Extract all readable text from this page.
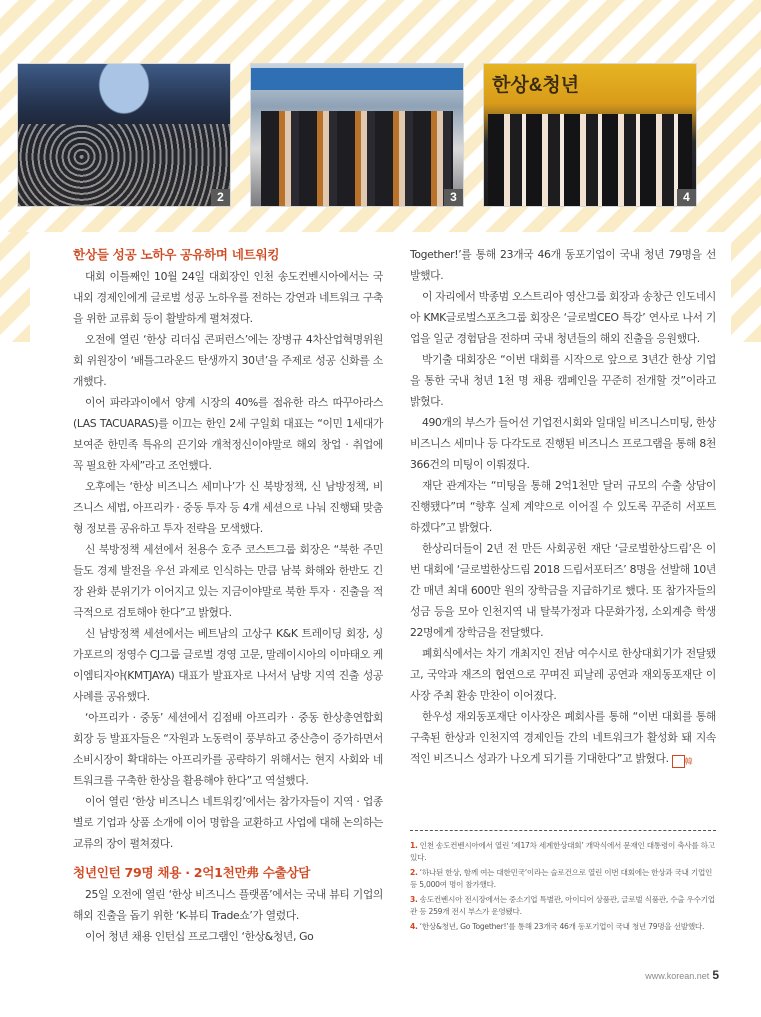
2	3
한상&청년
4
한상들 성공 노하우 공유하며 네트워킹

대회 이틀째인 10월 24일 대회장인 인천 송도컨벤시아에서는 국내외 경제인에게 글로벌 성공 노하우를 전하는 강연과 네트워크 구축을 위한 교류회 등이 활발하게 펼쳐졌다.

오전에 열린 ‘한상 리더십 콘퍼런스’에는 장병규 4차산업혁명위원회 위원장이 ‘배틀그라운드 탄생까지 30년’을 주제로 성공 신화를 소개했다.

이어 파라과이에서 양계 시장의 40%를 점유한 라스 따꾸아라스(LAS TACUARAS)를 이끄는 한인 2세 구일회 대표는 “이민 1세대가 보여준 한민족 특유의 끈기와 개척정신이야말로 해외 창업 · 취업에 꼭 필요한 자세”라고 조언했다.

오후에는 ‘한상 비즈니스 세미나’가 신 북방정책, 신 남방정책, 비즈니스 세법, 아프리카 · 중동 투자 등 4개 세션으로 나눠 진행돼 맞춤형 정보를 공유하고 투자 전략을 모색했다.

신 북방정책 세션에서 천용수 호주 코스트그룹 회장은 “북한 주민들도 경제 발전을 우선 과제로 인식하는 만큼 남북 화해와 한반도 긴장 완화 분위기가 이어지고 있는 지금이야말로 북한 투자 · 진출을 적극적으로 검토해야 한다”고 밝혔다.

신 남방정책 세션에서는 베트남의 고상구 K&K 트레이딩 회장, 싱가포르의 정영수 CJ그룹 글로벌 경영 고문, 말레이시아의 이마태오 케이엠티자야(KMTJAYA) 대표가 발표자로 나서서 남방 지역 진출 성공 사례를 공유했다.

‘아프리카 · 중동’ 세션에서 김점배 아프리카 · 중동 한상총연합회 회장 등 발표자들은 “자원과 노동력이 풍부하고 중산층이 증가하면서 소비시장이 확대하는 아프리카를 공략하기 위해서는 현지 사회와 네트워크를 구축한 한상을 활용해야 한다”고 역설했다.

이어 열린 ‘한상 비즈니스 네트워킹’에서는 참가자들이 지역 · 업종별로 기업과 상품 소개에 이어 명함을 교환하고 사업에 대해 논의하는 교류의 장이 펼쳐졌다.

청년인턴 79명 채용 · 2억1천만弗 수출상담

25일 오전에 열린 ‘한상 비즈니스 플랫폼’에서는 국내 뷰티 기업의 해외 진출을 돕기 위한 ‘K-뷰티 Trade쇼’가 열렸다.

이어 청년 채용 인턴십 프로그램인 ‘한상&청년, Go

Together!’를 통해 23개국 46개 동포기업이 국내 청년 79명을 선발했다.

이 자리에서 박종범 오스트리아 영산그룹 회장과 송창근 인도네시아 KMK글로벌스포츠그룹 회장은 ‘글로벌CEO 특강’ 연사로 나서 기업을 일군 경험담을 전하며 국내 청년들의 해외 진출을 응원했다.

박기출 대회장은 “이번 대회를 시작으로 앞으로 3년간 한상 기업을 통한 국내 청년 1천 명 채용 캠페인을 꾸준히 전개할 것”이라고 밝혔다.

490개의 부스가 들어선 기업전시회와 일대일 비즈니스미팅, 한상 비즈니스 세미나 등 다각도로 진행된 비즈니스 프로그램을 통해 8천366건의 미팅이 이뤄졌다.

재단 관계자는 “미팅을 통해 2억1천만 달러 규모의 수출 상담이 진행됐다”며 “향후 실제 계약으로 이어질 수 있도록 꾸준히 서포트하겠다”고 밝혔다.

한상리더들이 2년 전 만든 사회공헌 재단 ‘글로벌한상드림’은 이번 대회에 ‘글로벌한상드림 2018 드림서포터즈’ 8명을 선발해 10년간 매년 최대 600만 원의 장학금을 지급하기로 했다. 또 참가자들의 성금 등을 모아 인천지역 내 탈북가정과 다문화가정, 소외계층 학생 22명에게 장학금을 전달했다.

폐회식에서는 차기 개최지인 전남 여수시로 한상대회기가 전달됐고, 국악과 재즈의 협연으로 꾸며진 피날레 공연과 재외동포재단 이사장 주최 환송 만찬이 이어졌다.

한우성 재외동포재단 이사장은 폐회사를 통해 “이번 대회를 통해 구축된 한상과 인천지역 경제인들 간의 네트워크가 활성화 돼 지속적인 비즈니스 성과가 나오게 되기를 기대한다”고 밝혔다. 韓

1. 인천 송도컨벤시아에서 열린 ‘제17차 세계한상대회’ 개막식에서 문재인 대통령이 축사를 하고 있다.

2. ‘하나된 한상, 함께 여는 대한민국’이라는 슬로건으로 열린 이번 대회에는 한상과 국내 기업인 등 5,000여 명이 참가했다.

3. 송도컨벤시아 전시장에서는 중소기업 특별관, 아이디어 상품관, 글로벌 식품관, 수출 우수기업관 등 259개 전시 부스가 운영됐다.

4. ‘한상&청년, Go Together!’를 통해 23개국 46개 동포기업이 국내 청년 79명을 선발했다.

www.korean.net 5
